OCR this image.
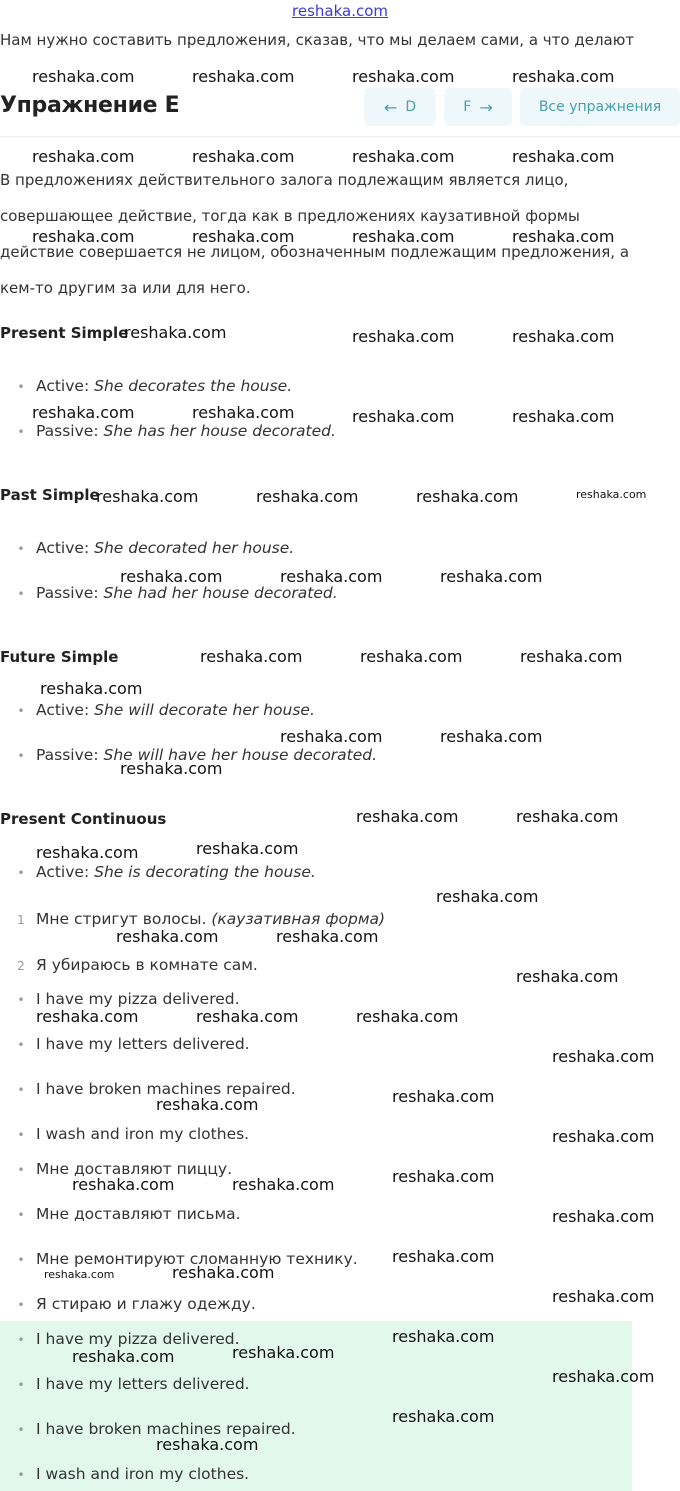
reshaka.com
Нам нужно составить предложения, сказав, что мы делаем сами, а что делают
Упражнение E	← D	F →	Все упражнения
В предложениях действительного залога подлежащим является лицо,
совершающее действие, тогда как в предложениях каузативной формы
действие совершается не лицом, обозначенным подлежащим предложения, а
кем-то другим за или для него.
Present Simple
• Active: She decorates the house.
• Passive: She has her house decorated.
Past Simple
• Active: She decorated her house.
• Passive: She had her house decorated.
Future Simple
• Active: She will decorate her house.
• Passive: She will have her house decorated.
Present Continuous
• Active: She is decorating the house.
1 Мне стригут волосы. (каузативная форма)
2 Я убираюсь в комнате сам.
• I have my pizza delivered.
• I have my letters delivered.
• I have broken machines repaired.
• I wash and iron my clothes.
• Мне доставляют пиццу.
• Мне доставляют письма.
• Мне ремонтируют сломанную технику.
• Я стираю и глажу одежду.
• I have my pizza delivered.
• I have my letters delivered.
• I have broken machines repaired.
• I wash and iron my clothes.
reshaka.com	reshaka.com	reshaka.com	reshaka.com
reshaka.com	reshaka.com	reshaka.com	reshaka.com
reshaka.com	reshaka.com	reshaka.com	reshaka.com
reshaka.com	reshaka.com	reshaka.com
reshaka.com	reshaka.com	reshaka.com	reshaka.com
reshaka.com	reshaka.com	reshaka.com
reshaka.com	reshaka.com	reshaka.com
reshaka.com	reshaka.com	reshaka.com
reshaka.com
reshaka.com	reshaka.com
reshaka.com
reshaka.com	reshaka.com
reshaka.com	reshaka.com
reshaka.com
reshaka.com	reshaka.com
reshaka.com
reshaka.com	reshaka.com	reshaka.com
reshaka.com
reshaka.com	reshaka.com
reshaka.com
reshaka.com	reshaka.com	reshaka.com
reshaka.com
reshaka.com
reshaka.com
reshaka.com
reshaka.com	reshaka.com
reshaka.com
reshaka.com
reshaka.com
reshaka.com
reshaka.com
reshaka.com
